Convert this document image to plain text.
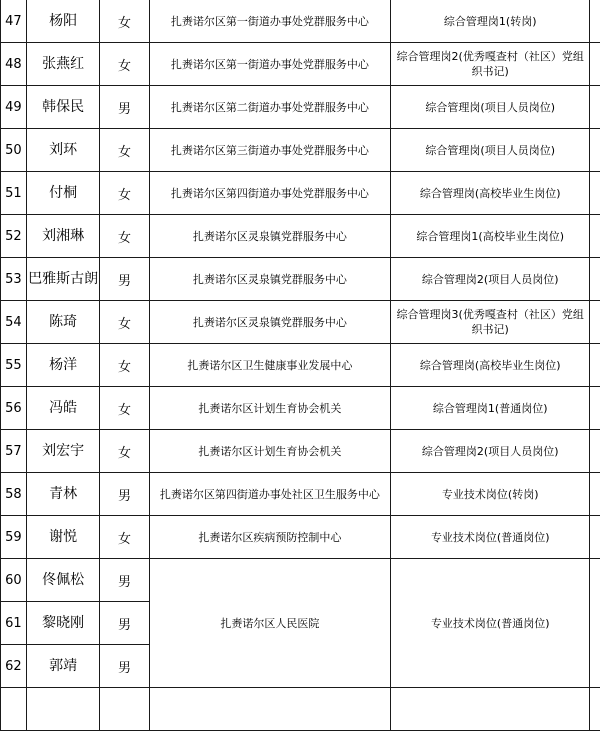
47	杨阳	女	扎赉诺尔区第一街道办事处党群服务中心	综合管理岗1(转岗)	
48	张燕红	女	扎赉诺尔区第一街道办事处党群服务中心	综合管理岗2(优秀嘎查村（社区）党组织书记)	
49	韩保民	男	扎赉诺尔区第二街道办事处党群服务中心	综合管理岗(项目人员岗位)	
50	刘环	女	扎赉诺尔区第三街道办事处党群服务中心	综合管理岗(项目人员岗位)	
51	付桐	女	扎赉诺尔区第四街道办事处党群服务中心	综合管理岗(高校毕业生岗位)	
52	刘湘琳	女	扎赉诺尔区灵泉镇党群服务中心	综合管理岗1(高校毕业生岗位)	
53	巴雅斯古朗	男	扎赉诺尔区灵泉镇党群服务中心	综合管理岗2(项目人员岗位)	
54	陈琦	女	扎赉诺尔区灵泉镇党群服务中心	综合管理岗3(优秀嘎查村（社区）党组织书记)	
55	杨洋	女	扎赉诺尔区卫生健康事业发展中心	综合管理岗(高校毕业生岗位)	
56	冯皓	女	扎赉诺尔区计划生育协会机关	综合管理岗1(普通岗位)	
57	刘宏宇	女	扎赉诺尔区计划生育协会机关	综合管理岗2(项目人员岗位)	
58	青林	男	扎赉诺尔区第四街道办事处社区卫生服务中心	专业技术岗位(转岗)	
59	谢悦	女	扎赉诺尔区疾病预防控制中心	专业技术岗位(普通岗位)	
60	佟佩松	男	扎赉诺尔区人民医院	专业技术岗位(普通岗位)	
61	黎晓刚	男			
62	郭靖	男			
